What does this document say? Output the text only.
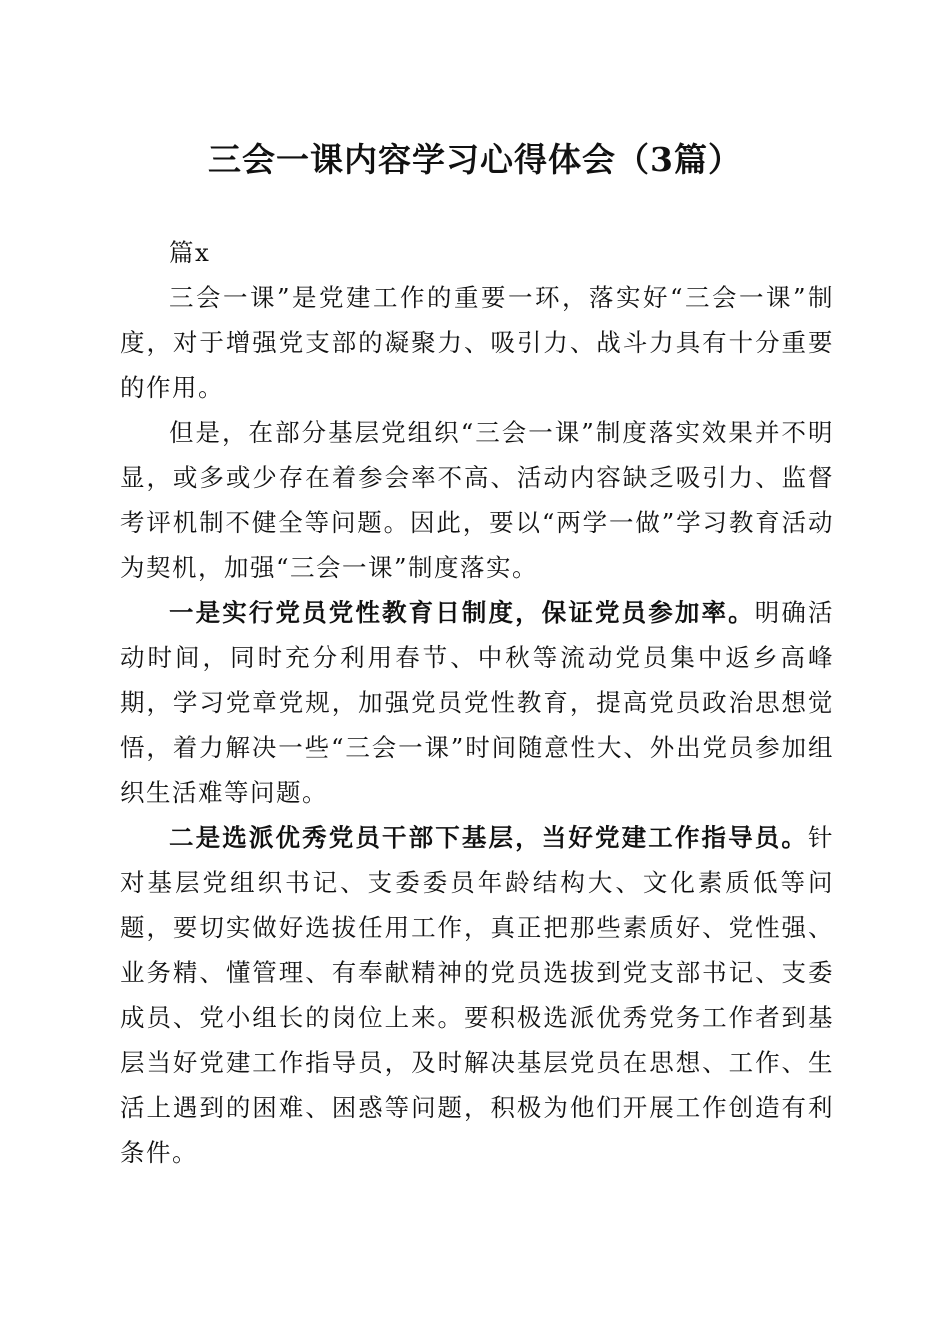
三会一课内容学习心得体会（3篇）

篇x

三会一课”是党建工作的重要一环，落实好“三会一课”制度，对于增强党支部的凝聚力、吸引力、战斗力具有十分重要的作用。

但是，在部分基层党组织“三会一课”制度落实效果并不明显，或多或少存在着参会率不高、活动内容缺乏吸引力、监督考评机制不健全等问题。因此，要以“两学一做”学习教育活动为契机，加强“三会一课”制度落实。

一是实行党员党性教育日制度，保证党员参加率。明确活动时间，同时充分利用春节、中秋等流动党员集中返乡高峰期，学习党章党规，加强党员党性教育，提高党员政治思想觉悟，着力解决一些“三会一课”时间随意性大、外出党员参加组织生活难等问题。

二是选派优秀党员干部下基层，当好党建工作指导员。针对基层党组织书记、支委委员年龄结构大、文化素质低等问题，要切实做好选拔任用工作，真正把那些素质好、党性强、业务精、懂管理、有奉献精神的党员选拔到党支部书记、支委成员、党小组长的岗位上来。要积极选派优秀党务工作者到基层当好党建工作指导员，及时解决基层党员在思想、工作、生活上遇到的困难、困惑等问题，积极为他们开展工作创造有利条件。
